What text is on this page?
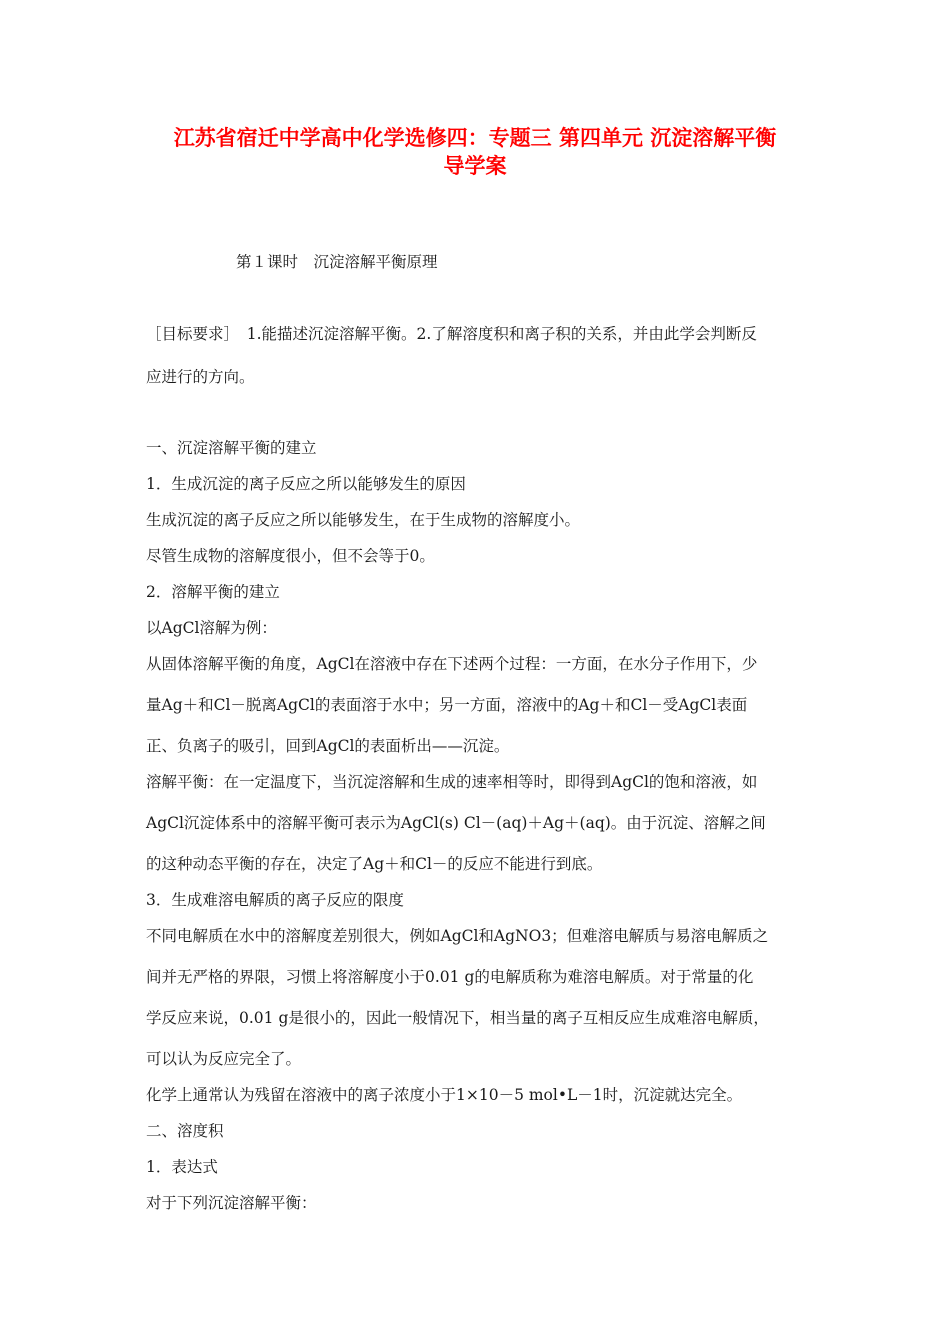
江苏省宿迁中学高中化学选修四：专题三 第四单元 沉淀溶解平衡
导学案
第１课时　沉淀溶解平衡原理
［目标要求］　1.能描述沉淀溶解平衡。2.了解溶度积和离子积的关系，并由此学会判断反
应进行的方向。
一、沉淀溶解平衡的建立
1．生成沉淀的离子反应之所以能够发生的原因
生成沉淀的离子反应之所以能够发生，在于生成物的溶解度小。
尽管生成物的溶解度很小，但不会等于0。
2．溶解平衡的建立
以AgCl溶解为例：
从固体溶解平衡的角度，AgCl在溶液中存在下述两个过程：一方面，在水分子作用下，少
量Ag＋和Cl－脱离AgCl的表面溶于水中；另一方面，溶液中的Ag＋和Cl－受AgCl表面
正、负离子的吸引，回到AgCl的表面析出——沉淀。
溶解平衡：在一定温度下，当沉淀溶解和生成的速率相等时，即得到AgCl的饱和溶液，如
AgCl沉淀体系中的溶解平衡可表示为AgCl(s) Cl－(aq)＋Ag＋(aq)。由于沉淀、溶解之间
的这种动态平衡的存在，决定了Ag＋和Cl－的反应不能进行到底。
3．生成难溶电解质的离子反应的限度
不同电解质在水中的溶解度差别很大，例如AgCl和AgNO3；但难溶电解质与易溶电解质之
间并无严格的界限，习惯上将溶解度小于0.01 g的电解质称为难溶电解质。对于常量的化
学反应来说，0.01 g是很小的，因此一般情况下，相当量的离子互相反应生成难溶电解质，
可以认为反应完全了。
化学上通常认为残留在溶液中的离子浓度小于1×10－5 mol•L－1时，沉淀就达完全。
二、溶度积
1．表达式
对于下列沉淀溶解平衡：
